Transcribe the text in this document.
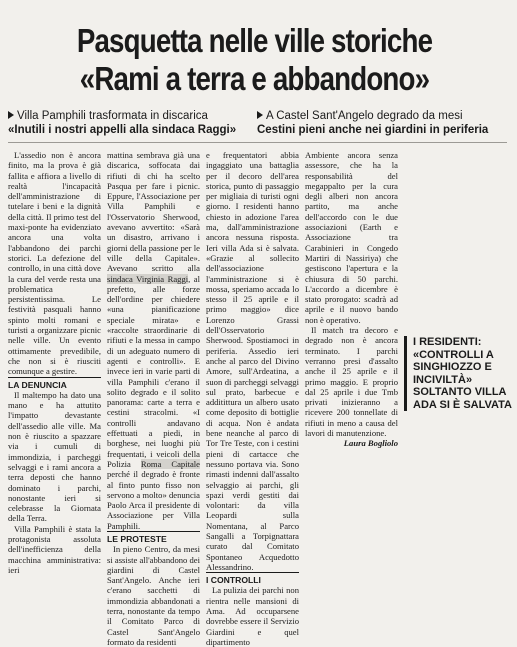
Pasquetta nelle ville storiche
«Rami a terra e abbandono»
Villa Pamphili trasformata in discarica
«Inutili i nostri appelli alla sindaca Raggi»
A Castel Sant'Angelo degrado da mesi
Cestini pieni anche nei giardini in periferia

L'assedio non è ancora finito, ma la prova è già fallita e affiora a livello di realtà l'incapacità dell'amministrazione di tutelare i beni e la dignità della città. Il primo test del maxi-ponte ha evidenziato ancora una volta l'abbandono dei parchi storici. La defezione del controllo, in una città dove la cura del verde resta una problematica persistentissima. Le festività pasquali hanno spinto molti romani e turisti a organizzare picnic nelle ville. Un evento ottimamente prevedibile, che non si è riusciti comunque a gestire.

LA DENUNCIA

Il maltempo ha dato una mano e ha attutito l'impatto devastante dell'assedio alle ville. Ma non è riuscito a spazzare via i cumuli di immondizia, i parcheggi selvaggi e i rami ancora a terra deposti che hanno dominato i parchi, nonostante ieri si celebrasse la Giornata della Terra.

Villa Pamphili è stata la protagonista assoluta dell'inefficienza della macchina amministrativa: ieri

mattina sembrava già una discarica, soffocata dai rifiuti di chi ha scelto Pasqua per fare i picnic. Eppure, l'Associazione per Villa Pamphili e l'Osservatorio Sherwood, avevano avvertito: «Sarà un disastro, arrivano i giorni della passione per le ville della Capitale». Avevano scritto alla sindaca Virginia Raggi, al prefetto, alle forze dell'ordine per chiedere «una pianificazione speciale mirata» e «raccolte straordinarie di rifiuti e la messa in campo di un adeguato numero di agenti e controlli». E invece ieri in varie parti di villa Pamphili c'erano il solito degrado e il solito panorama: carte a terra e cestini stracolmi. «I controlli andavano effettuati a piedi, in borghese, nei luoghi più frequentati, i veicoli della Polizia Roma Capitale perché il degrado è fronte al finto punto fisso non servono a molto» denuncia Paolo Arca il presidente di Associazione per Villa Pamphili.

LE PROTESTE

In pieno Centro, da mesi si assiste all'abbandono dei giardini di Castel Sant'Angelo. Anche ieri c'erano sacchetti di immondizia abbandonati a terra, nonostante da tempo il Comitato Parco di Castel Sant'Angelo formato da residenti

e frequentatori abbia ingaggiato una battaglia per il decoro dell'area storica, punto di passaggio per migliaia di turisti ogni giorno. I residenti hanno chiesto in adozione l'area ma, dall'amministrazione ancora nessuna risposta. Ieri villa Ada si è salvata. «Grazie al sollecito dell'associazione l'amministrazione si è mossa, speriamo accada lo stesso il 25 aprile e il primo maggio» dice Lorenzo Grassi dell'Osservatorio Sherwood. Spostiamoci in periferia. Assedio ieri anche al parco del Divino Amore, sull'Ardeatina, a suon di parcheggi selvaggi sul prato, barbecue e additittura un albero usato come deposito di bottiglie di acqua. Non è andata bene neanche al parco di Tor Tre Teste, con i cestini pieni di cartacce che nessuno portava via. Sono rimasti indenni dall'assalto selvaggio ai parchi, gli spazi verdi gestiti dai volontari: da villa Leopardi sulla Nomentana, al Parco Sangalli a Torpignattara curato dal Comitato Spontaneo Acquedotto Alessandrino.

I CONTROLLI

La pulizia dei parchi non rientra nelle mansioni di Ama. Ad occuparsene dovrebbe essere il Servizio Giardini e quel dipartimento

Ambiente ancora senza assessore, che ha la responsabilità del megappalto per la cura degli alberi non ancora partito, ma anche dell'accordo con le due associazioni (Earth e Associazione tra Carabinieri in Congedo Martiri di Nassiriya) che gestiscono l'apertura e la chiusura di 50 parchi. L'accordo a dicembre è stato prorogato: scadrà ad aprile e il nuovo bando non è operativo.

Il match tra decoro e degrado non è ancora terminato. I parchi verranno presi d'assalto anche il 25 aprile e il primo maggio. E proprio dal 25 aprile i due Tmb privati inizieranno a ricevere 200 tonnellate di rifiuti in meno a causa del lavori di manutenzione.

Laura Bogliolo

I RESIDENTI:
«CONTROLLI A SINGHIOZZO E INCIVILTÀ» SOLTANTO VILLA ADA SI È SALVATA
